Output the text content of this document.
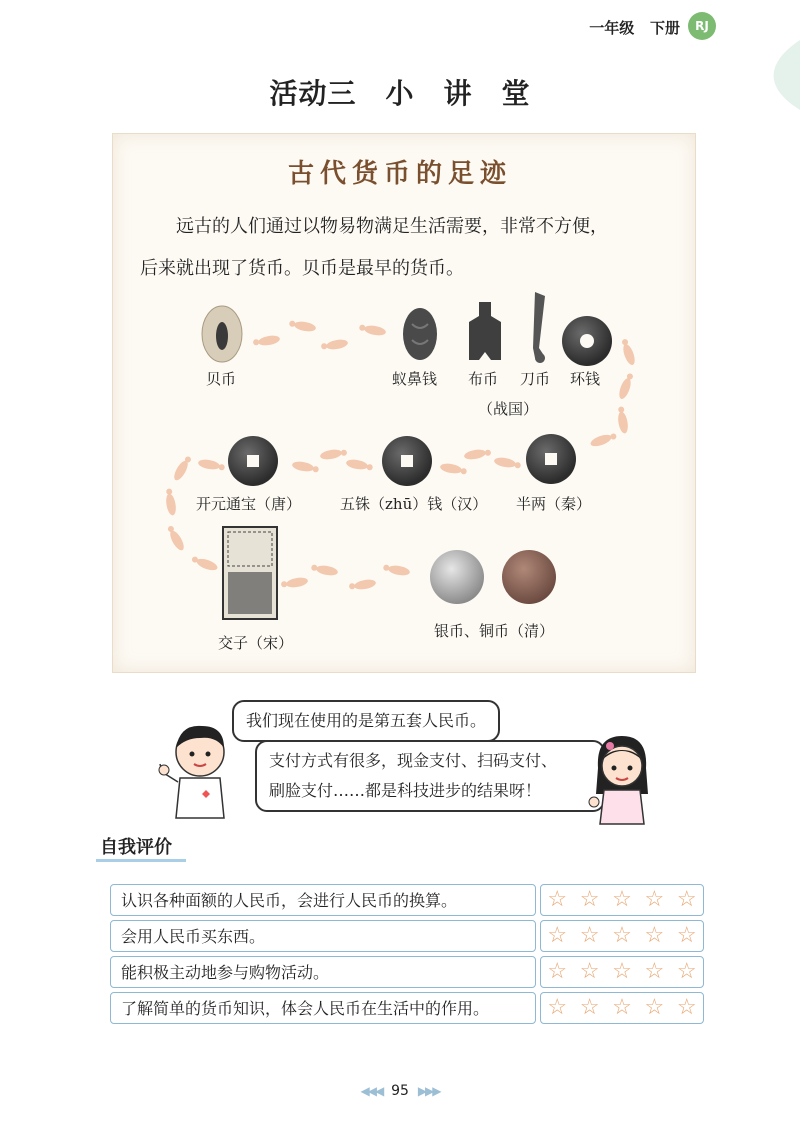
一年级 下册	RJ
活动三　小　讲　堂
古代货币的足迹

远古的人们通过以物易物满足生活需要，非常不方便，

后来就出现了货币。贝币是最早的货币。

贝币	蚁鼻钱 布币
（战国）
刀币 环钱
开元通宝（唐）	五铢（zhū）钱（汉） 半两（秦）
交子（宋）
银币、铜币（清）
我们现在使用的是第五套人民币。
支付方式有很多，现金支付、扫码支付、
刷脸支付……都是科技进步的结果呀！
自我评价
认识各种面额的人民币，会进行人民币的换算。	☆ ☆ ☆ ☆ ☆
会用人民币买东西。	☆ ☆ ☆ ☆ ☆
能积极主动地参与购物活动。	☆ ☆ ☆ ☆ ☆
了解简单的货币知识，体会人民币在生活中的作用。	☆ ☆ ☆ ☆ ☆
◀◀◀ 95 ▶▶▶
